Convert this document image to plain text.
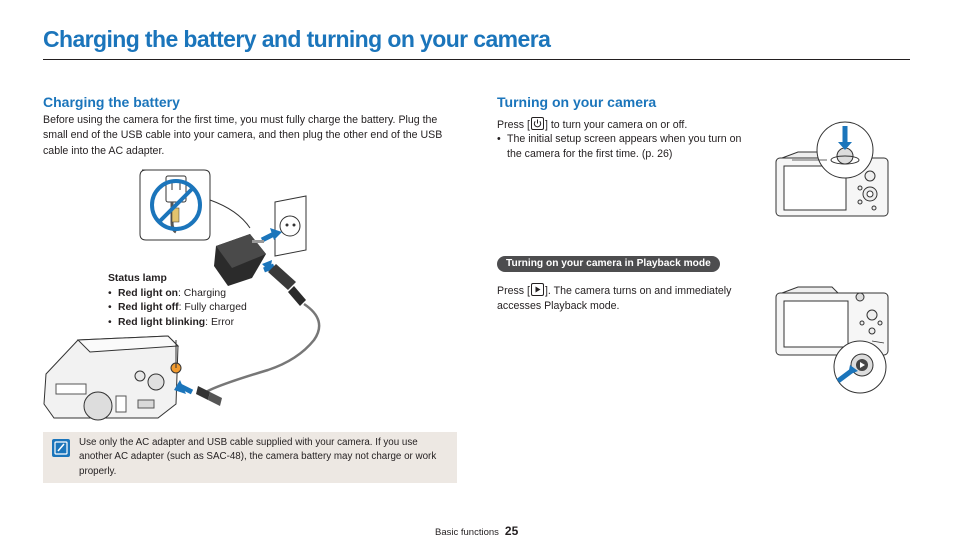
Charging the battery and turning on your camera
Charging the battery

Before using the camera for the first time, you must fully charge the battery. Plug the small end of the USB cable into your camera, and then plug the other end of the USB cable into the AC adapter.

Status lamp
• Red light on: Charging
• Red light off: Fully charged
• Red light blinking: Error

Use only the AC adapter and USB cable supplied with your camera. If you use another AC adapter (such as SAC-48), the camera battery may not charge or work properly.

Turning on your camera

Press [ ] to turn your camera on or off.

• The initial setup screen appears when you turn on the camera for the first time. (p. 26)
Turning on your camera in Playback mode

Press [ ]. The camera turns on and immediately accesses Playback mode.

Basic functions 25
